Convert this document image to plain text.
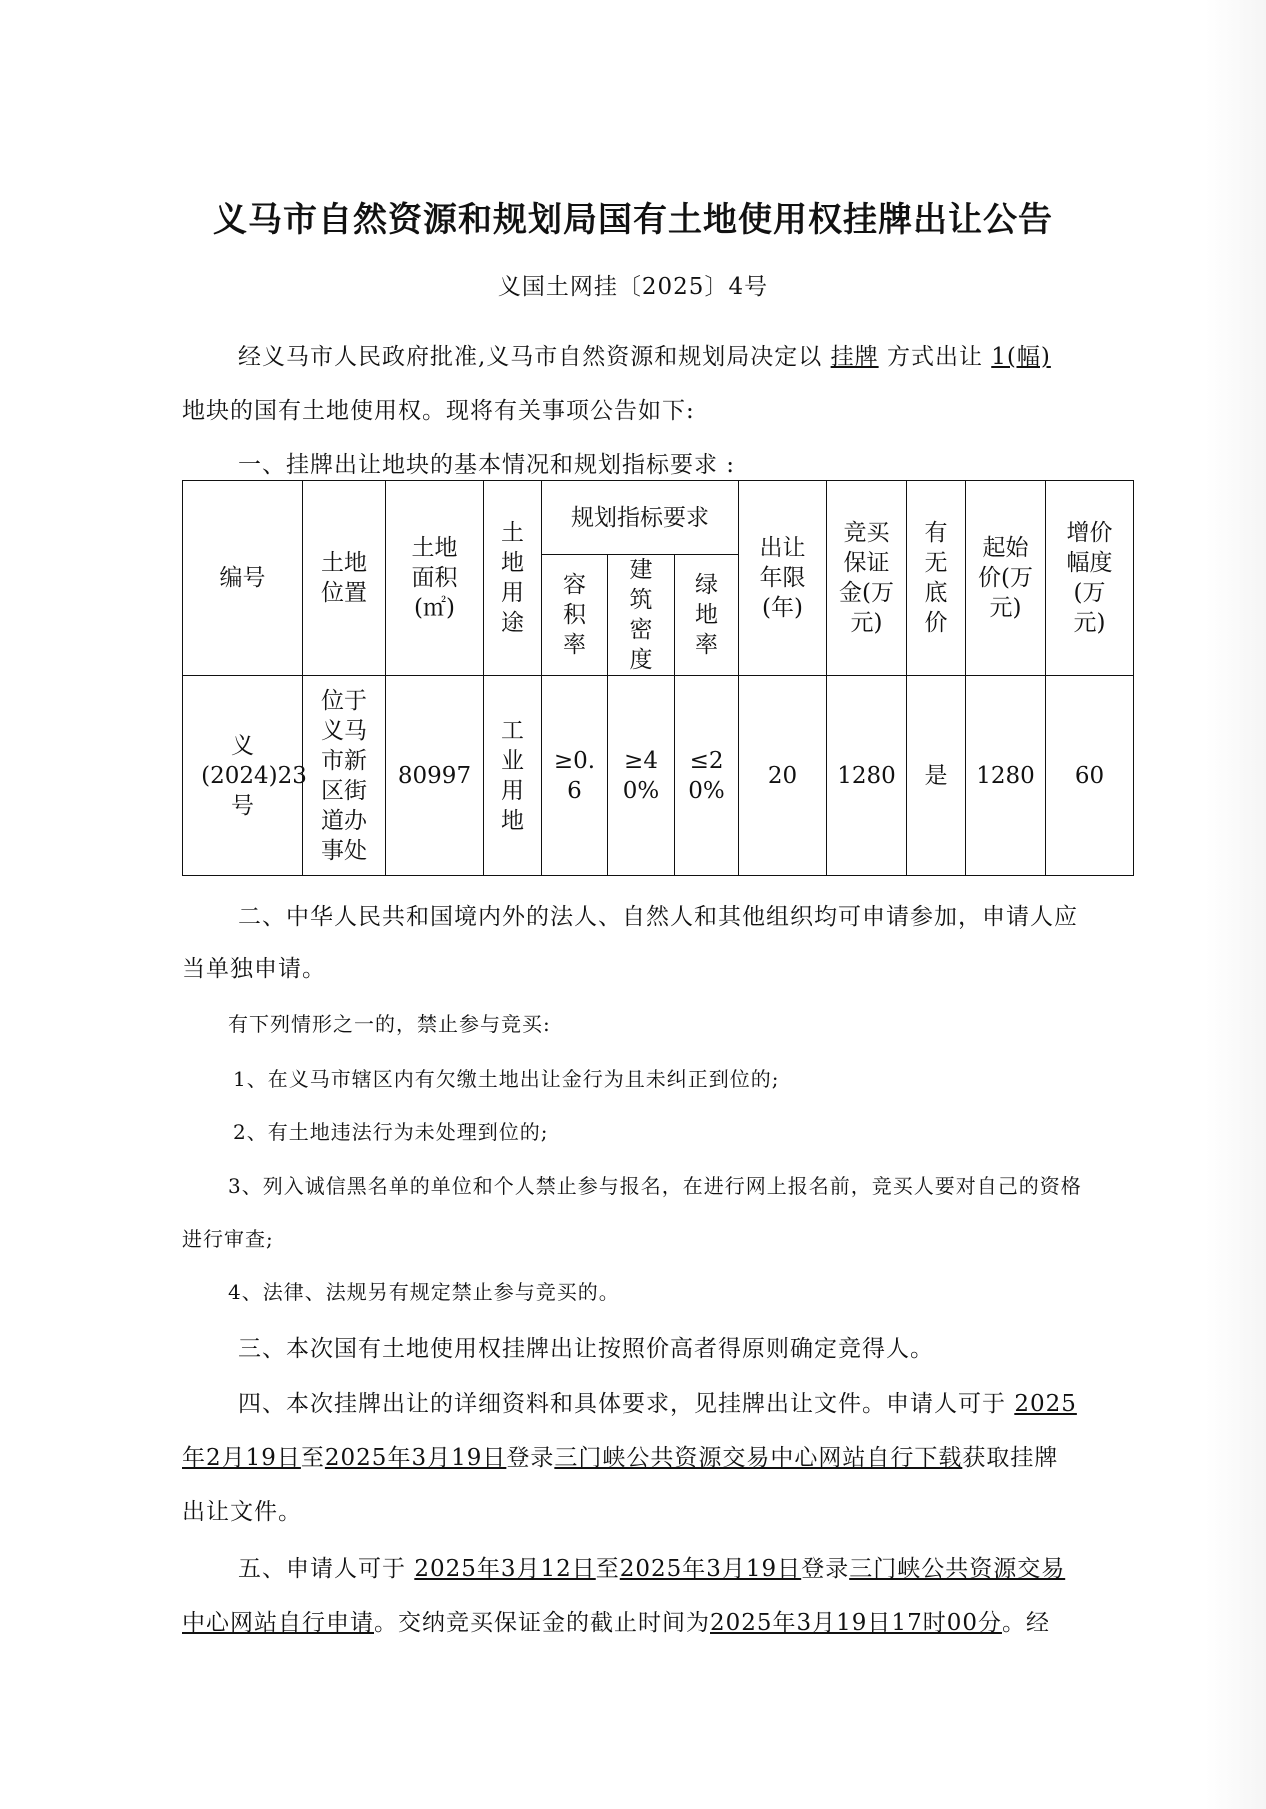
义马市自然资源和规划局国有土地使用权挂牌出让公告
义国土网挂〔2025〕4号
经义马市人民政府批准,义马市自然资源和规划局决定以 挂牌 方式出让 1(幅)
地块的国有土地使用权。现将有关事项公告如下:
一、挂牌出让地块的基本情况和规划指标要求 :
编号	土地位置	土地面积(㎡)	土地用途	规划指标要求			出让年限(年)	竞买保证金(万元)	有无底价	起始价(万元)	增价幅度(万元)
				容积率	建筑密度	绿地率					
义(2024)23号	位于义马市新区街道办事处	80997	工业用地	≥0.6	≥40%	≤20%	20	1280	是	1280	60
二、中华人民共和国境内外的法人、自然人和其他组织均可申请参加，申请人应
当单独申请。
有下列情形之一的，禁止参与竞买:
1、在义马市辖区内有欠缴土地出让金行为且未纠正到位的;
2、有土地违法行为未处理到位的;
3、列入诚信黑名单的单位和个人禁止参与报名，在进行网上报名前，竞买人要对自己的资格
进行审查;
4、法律、法规另有规定禁止参与竞买的。
三、本次国有土地使用权挂牌出让按照价高者得原则确定竞得人。
四、本次挂牌出让的详细资料和具体要求，见挂牌出让文件。申请人可于 2025
年2月19日至2025年3月19日登录三门峡公共资源交易中心网站自行下载获取挂牌
出让文件。
五、申请人可于 2025年3月12日至2025年3月19日登录三门峡公共资源交易
中心网站自行申请。交纳竞买保证金的截止时间为2025年3月19日17时00分。经
